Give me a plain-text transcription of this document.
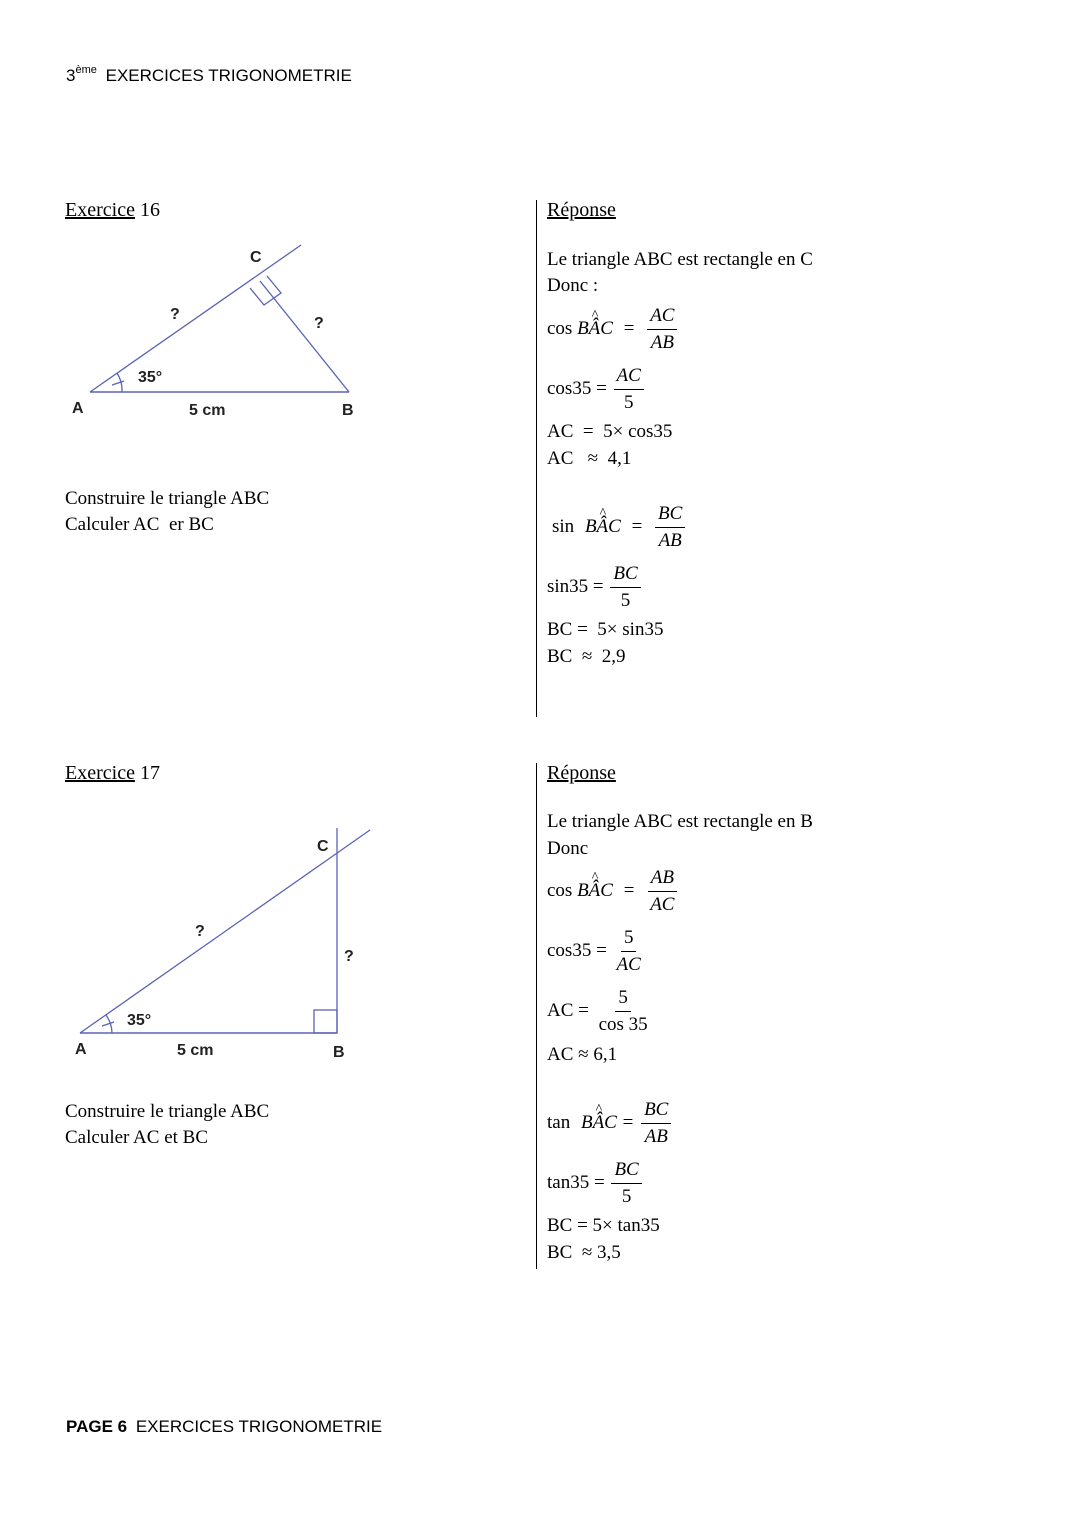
3ème EXERCICES TRIGONOMETRIE
Exercice 16
A	B
C
?
?
35°
5 cm
Construire le triangle ABC
Calculer AC  er BC
Réponse
Le triangle ABC est rectangle en C
Donc :
cos ^ BÂC = $\frac{AC}{AB}$
$\cos 35 = \frac{AC}{5}$
AC  =  5× cos35
AC   ≈  4,1
sin ^ BÂC = $\frac{BC}{AB}$
$\sin 35 = \frac{BC}{5}$
BC =  5× sin35
BC  ≈  2,9
Exercice 17
A	B
C
?
?
35°
5 cm
Construire le triangle ABC
Calculer AC et BC
Réponse
Le triangle ABC est rectangle en B
Donc
cos ^ BÂC = $\frac{AB}{AC}$
$\cos 35 = \frac{5}{AC}$
AC = $\frac{5}{\cos 35}$
AC ≈ 6,1
tan ^ BÂC = $\frac{BC}{AB}$
$\tan 35 = \frac{BC}{5}$
BC = 5× tan35
BC  ≈ 3,5
PAGE 6 EXERCICES TRIGONOMETRIE
